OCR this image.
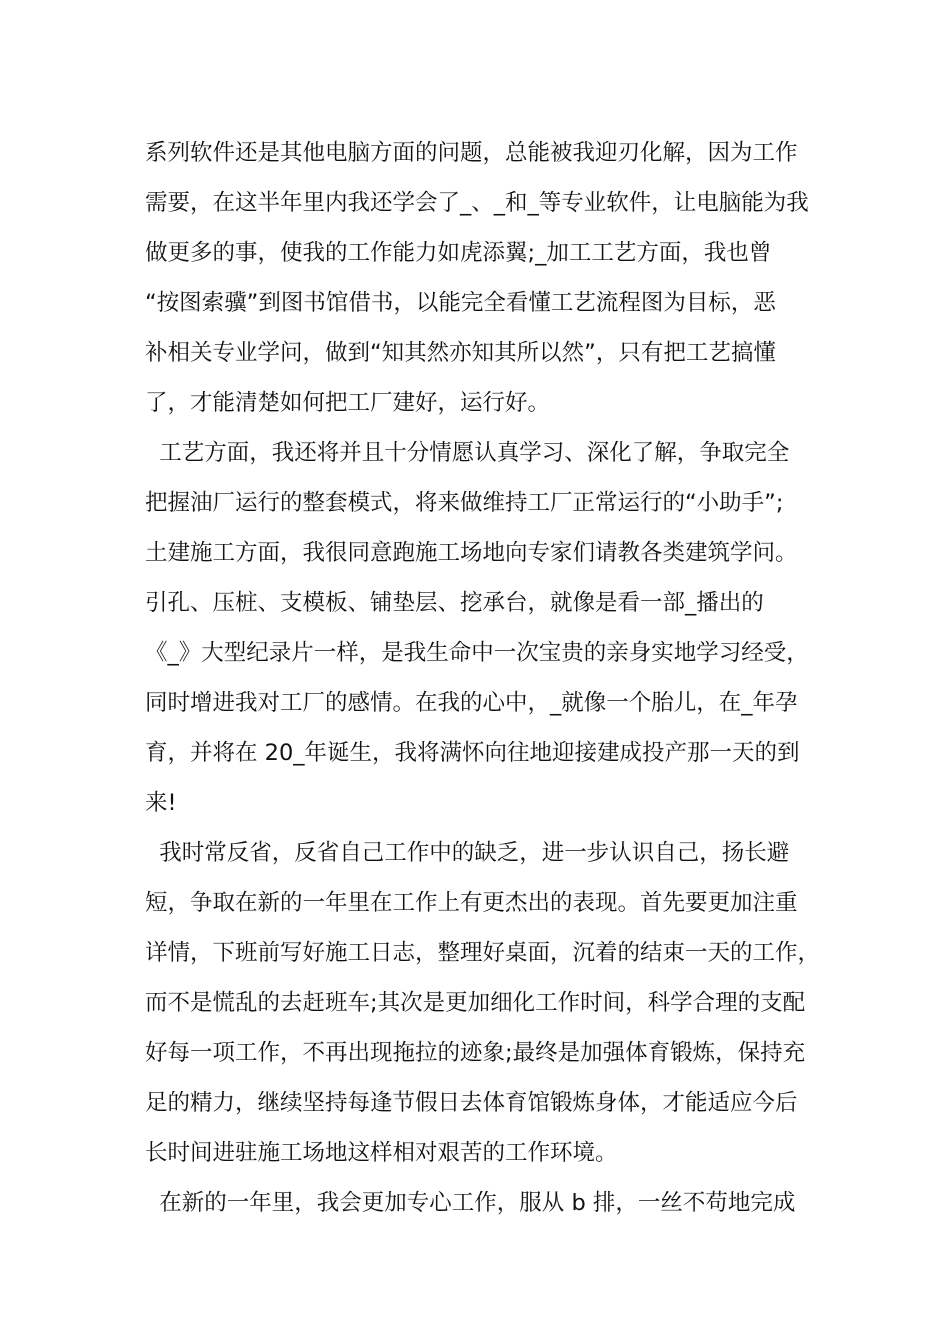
系列软件还是其他电脑方面的问题，总能被我迎刃化解，因为工作
需要，在这半年里内我还学会了_、_和_等专业软件，让电脑能为我
做更多的事，使我的工作能力如虎添翼;_加工工艺方面，我也曾
“按图索骥”到图书馆借书，以能完全看懂工艺流程图为目标，恶
补相关专业学问，做到“知其然亦知其所以然”，只有把工艺搞懂
了，才能清楚如何把工厂建好，运行好。
工艺方面，我还将并且十分情愿认真学习、深化了解，争取完全
把握油厂运行的整套模式，将来做维持工厂正常运行的“小助手”;
土建施工方面，我很同意跑施工场地向专家们请教各类建筑学问。
引孔、压桩、支模板、铺垫层、挖承台，就像是看一部_播出的
《_》大型纪录片一样，是我生命中一次宝贵的亲身实地学习经受，
同时增进我对工厂的感情。在我的心中，_就像一个胎儿，在_年孕
育，并将在 20_年诞生，我将满怀向往地迎接建成投产那一天的到
来!
我时常反省，反省自己工作中的缺乏，进一步认识自己，扬长避
短，争取在新的一年里在工作上有更杰出的表现。首先要更加注重
详情，下班前写好施工日志，整理好桌面，沉着的结束一天的工作，
而不是慌乱的去赶班车;其次是更加细化工作时间，科学合理的支配
好每一项工作，不再出现拖拉的迹象;最终是加强体育锻炼，保持充
足的精力，继续坚持每逢节假日去体育馆锻炼身体，才能适应今后
长时间进驻施工场地这样相对艰苦的工作环境。
在新的一年里，我会更加专心工作，服从 b 排，一丝不苟地完成
